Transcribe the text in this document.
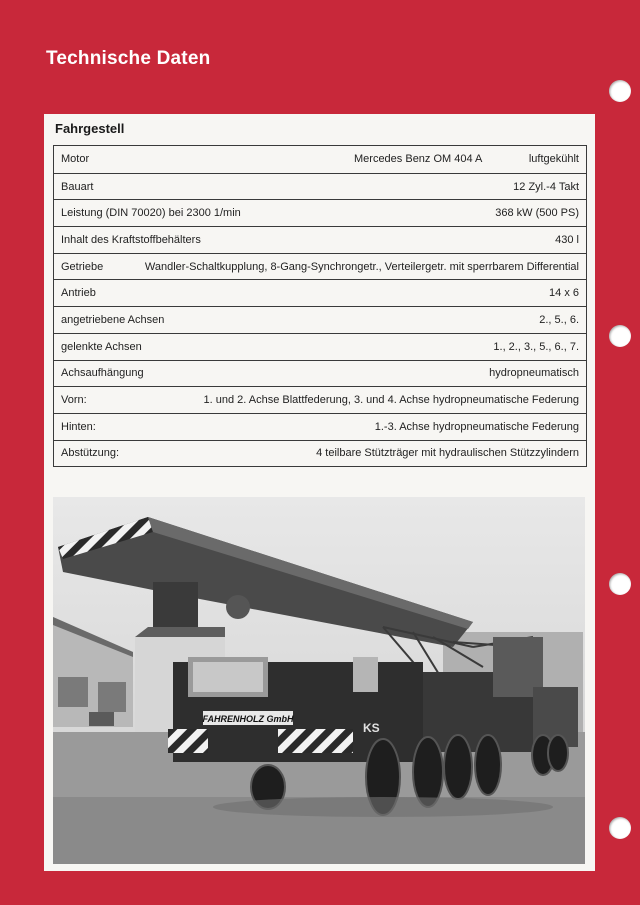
Technische Daten
Fahrgestell
Motor	Mercedes Benz OM 404 A	luftgekühlt
Bauart	12 Zyl.-4 Takt
Leistung (DIN 70020) bei 2300 1/min	368 kW (500 PS)
Inhalt des Kraftstoffbehälters	430 l
Getriebe	Wandler-Schaltkupplung, 8-Gang-Synchrongetr., Verteilergetr. mit sperrbarem Differential
Antrieb	14 x 6
angetriebene Achsen	2., 5., 6.
gelenkte Achsen	1., 2., 3., 5., 6., 7.
Achsaufhängung	hydropneumatisch
Vorn:	1. und 2. Achse Blattfederung, 3. und 4. Achse hydropneumatische Federung
Hinten:	1.-3. Achse hydropneumatische Federung
Abstützung:	4 teilbare Stützträger mit hydraulischen Stützzylindern
FAHRENHOLZ GmbH
KS
